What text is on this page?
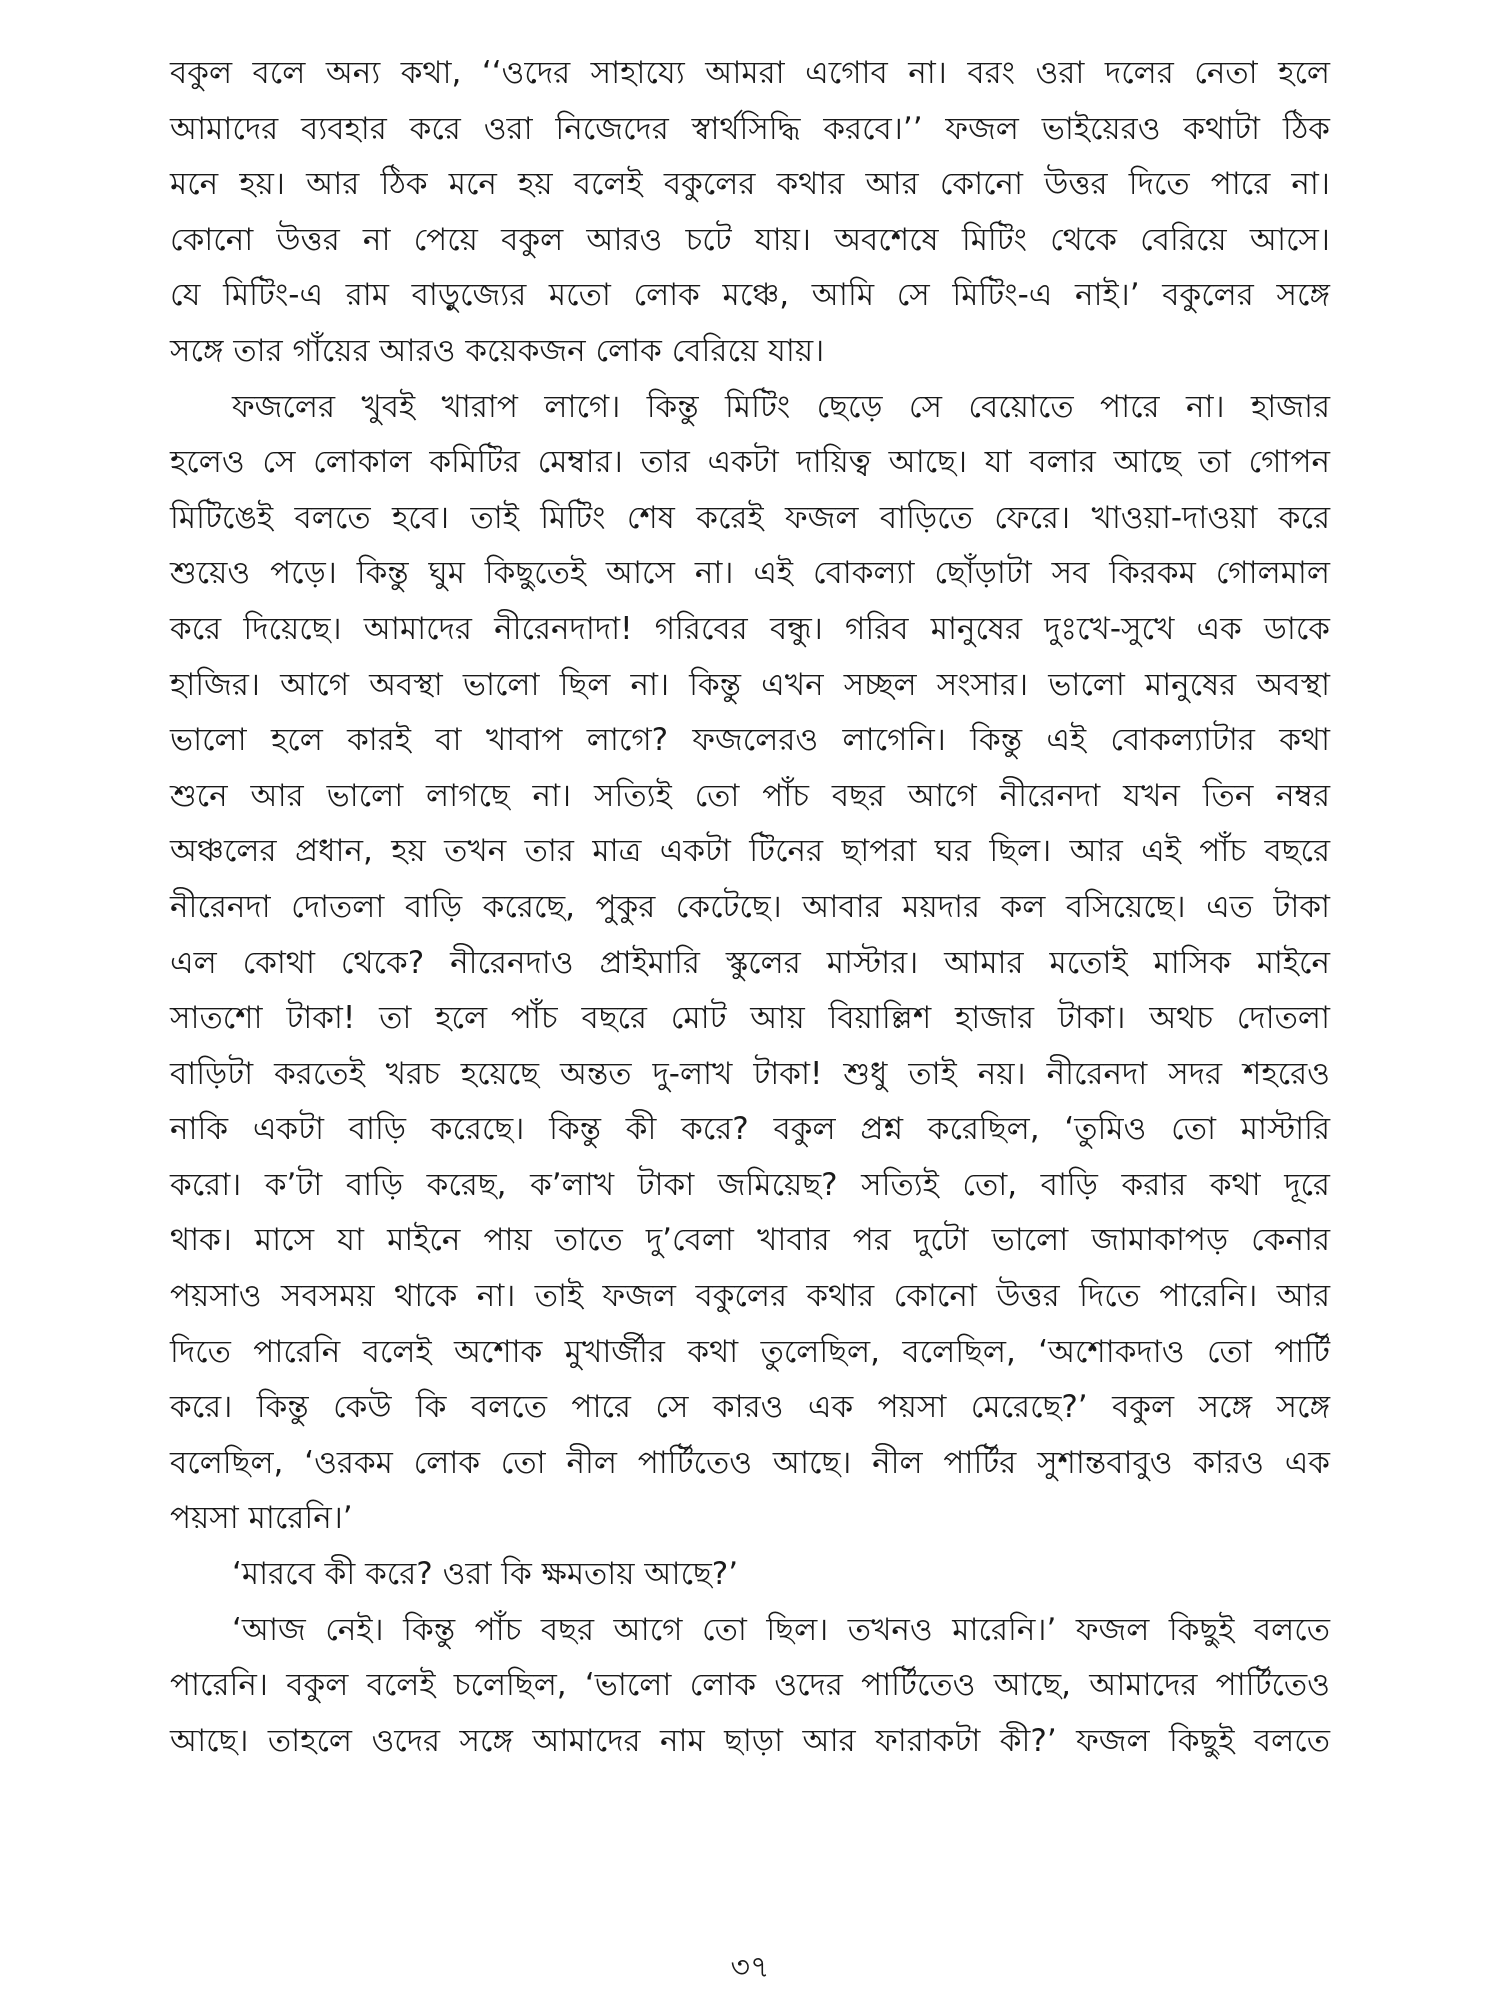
বকুল বলে অন্য কথা, ‘‘ওদের সাহায্যে আমরা এগোব না। বরং ওরা দলের নেতা হলে
আমাদের ব্যবহার করে ওরা নিজেদের স্বার্থসিদ্ধি করবে।’’ ফজল ভাইয়েরও কথাটা ঠিক
মনে হয়। আর ঠিক মনে হয় বলেই বকুলের কথার আর কোনো উত্তর দিতে পারে না।
কোনো উত্তর না পেয়ে বকুল আরও চটে যায়। অবশেষে মিটিং থেকে বেরিয়ে আসে।
যে মিটিং-এ রাম বাড়ুজ্যের মতো লোক মঞ্চে, আমি সে মিটিং-এ নাই।’ বকুলের সঙ্গে

সঙ্গে তার গাঁয়ের আরও কয়েকজন লোক বেরিয়ে যায়।

ফজলের খুবই খারাপ লাগে। কিন্তু মিটিং ছেড়ে সে বেয়োতে পারে না। হাজার
হলেও সে লোকাল কমিটির মেম্বার। তার একটা দায়িত্ব আছে। যা বলার আছে তা গোপন
মিটিঙেই বলতে হবে। তাই মিটিং শেষ করেই ফজল বাড়িতে ফেরে। খাওয়া-দাওয়া করে
শুয়েও পড়ে। কিন্তু ঘুম কিছুতেই আসে না। এই বোকল্যা ছোঁড়াটা সব কিরকম গোলমাল
করে দিয়েছে। আমাদের নীরেনদাদা! গরিবের বন্ধু। গরিব মানুষের দুঃখে-সুখে এক ডাকে
হাজির। আগে অবস্থা ভালো ছিল না। কিন্তু এখন সচ্ছল সংসার। ভালো মানুষের অবস্থা
ভালো হলে কারই বা খাবাপ লাগে? ফজলেরও লাগেনি। কিন্তু এই বোকল্যাটার কথা
শুনে আর ভালো লাগছে না। সত্যিই তো পাঁচ বছর আগে নীরেনদা যখন তিন নম্বর
অঞ্চলের প্রধান, হয় তখন তার মাত্র একটা টিনের ছাপরা ঘর ছিল। আর এই পাঁচ বছরে
নীরেনদা দোতলা বাড়ি করেছে, পুকুর কেটেছে। আবার ময়দার কল বসিয়েছে। এত টাকা
এল কোথা থেকে? নীরেনদাও প্রাইমারি স্কুলের মাস্টার। আমার মতোই মাসিক মাইনে
সাতশো টাকা! তা হলে পাঁচ বছরে মোট আয় বিয়াল্লিশ হাজার টাকা। অথচ দোতলা
বাড়িটা করতেই খরচ হয়েছে অন্তত দু-লাখ টাকা! শুধু তাই নয়। নীরেনদা সদর শহরেও
নাকি একটা বাড়ি করেছে। কিন্তু কী করে? বকুল প্রশ্ন করেছিল, ‘তুমিও তো মাস্টারি
করো। ক’টা বাড়ি করেছ, ক’লাখ টাকা জমিয়েছ? সত্যিই তো, বাড়ি করার কথা দূরে
থাক। মাসে যা মাইনে পায় তাতে দু’বেলা খাবার পর দুটো ভালো জামাকাপড় কেনার
পয়সাও সবসময় থাকে না। তাই ফজল বকুলের কথার কোনো উত্তর দিতে পারেনি। আর
দিতে পারেনি বলেই অশোক মুখার্জীর কথা তুলেছিল, বলেছিল, ‘অশোকদাও তো পার্টি
করে। কিন্তু কেউ কি বলতে পারে সে কারও এক পয়সা মেরেছে?’ বকুল সঙ্গে সঙ্গে
বলেছিল, ‘ওরকম লোক তো নীল পার্টিতেও আছে। নীল পার্টির সুশান্তবাবুও কারও এক

পয়সা মারেনি।’

‘মারবে কী করে? ওরা কি ক্ষমতায় আছে?’

‘আজ নেই। কিন্তু পাঁচ বছর আগে তো ছিল। তখনও মারেনি।’ ফজল কিছুই বলতে
পারেনি। বকুল বলেই চলেছিল, ‘ভালো লোক ওদের পার্টিতেও আছে, আমাদের পার্টিতেও
আছে। তাহলে ওদের সঙ্গে আমাদের নাম ছাড়া আর ফারাকটা কী?’ ফজল কিছুই বলতে

৩৭
